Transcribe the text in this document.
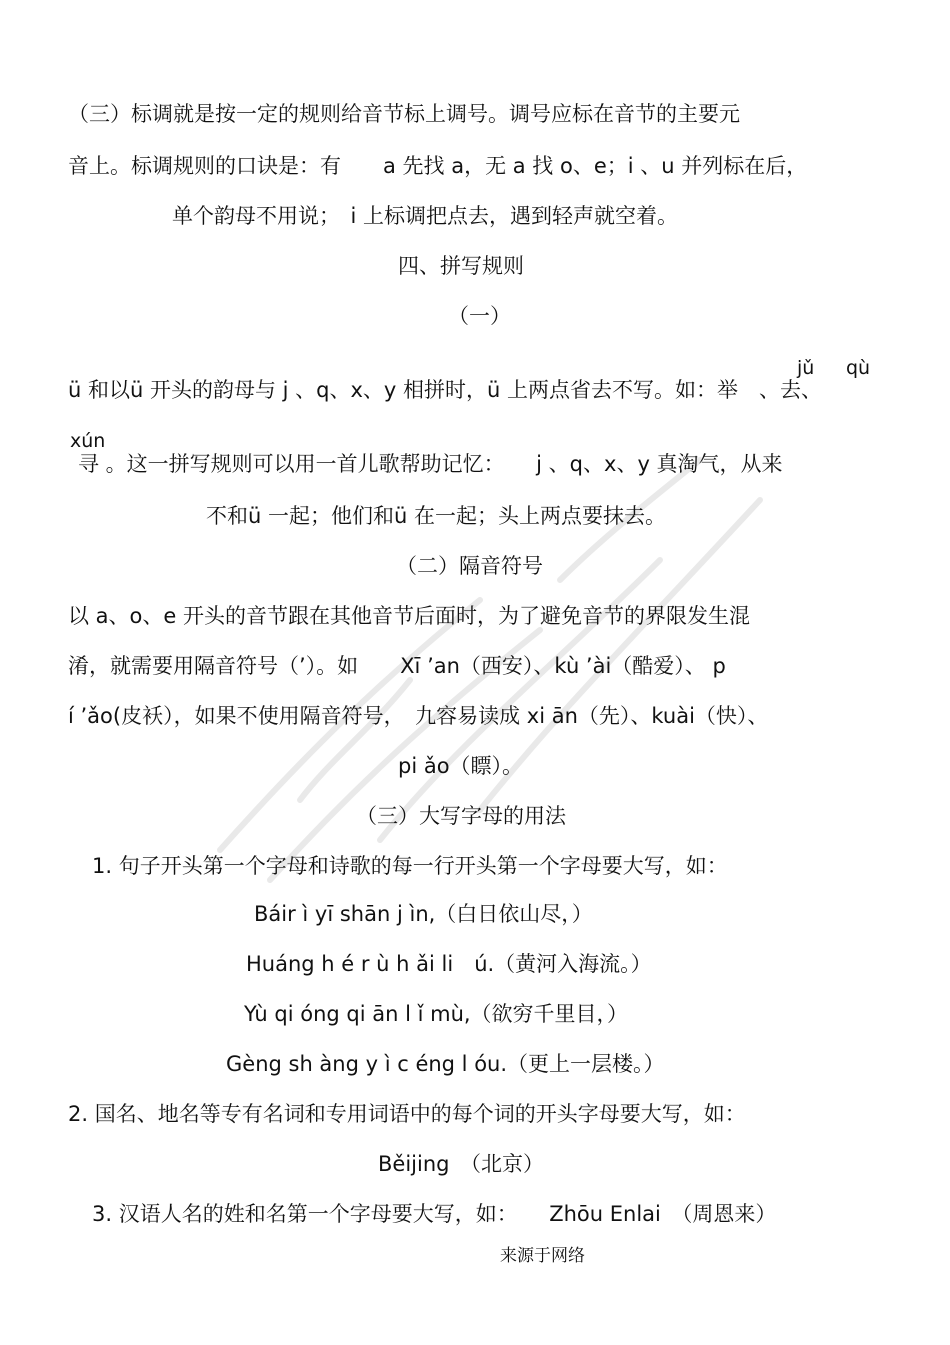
（三）标调就是按一定的规则给音节标上调号。调号应标在音节的主要元
音上。标调规则的口诀是：有　　a 先找 a，无 a 找 o、e；i 、u 并列标在后，
单个韵母不用说；　i 上标调把点去，遇到轻声就空着。
四、拼写规则
（一）
jǔ qù
ü 和以ü 开头的韵母与 j 、q、x、y 相拼时，ü 上两点省去不写。如：举　、去、
xún
寻 。这一拼写规则可以用一首儿歌帮助记忆：　　j 、q、x、y 真淘气，从来
不和ü 一起；他们和ü 在一起；头上两点要抹去。
（二）隔音符号
以 a、o、e 开头的音节跟在其他音节后面时，为了避免音节的界限发生混
淆，就需要用隔音符号（’）。如　　Xī ’an（西安）、kù ’ài（酷爱）、 p
í ’ǎo(皮袄），如果不使用隔音符号，　九容易读成 xi ān（先）、kuài（快）、
pi ǎo（瞟）。
（三）大写字母的用法
1. 句子开头第一个字母和诗歌的每一行开头第一个字母要大写，如：
Báir ì yī shān j ìn,（白日依山尽，）
Huáng h é r ù h ǎi li　ú.（黄河入海流。）
Yù qi óng qi ān l ǐ mù,（欲穷千里目，）
Gèng sh àng y ì c éng l óu.（更上一层楼。）
2. 国名、地名等专有名词和专用词语中的每个词的开头字母要大写，如：
Běijing　（北京）
3. 汉语人名的姓和名第一个字母要大写，如：　　Zhōu Enlai　（周恩来）
来源于网络
